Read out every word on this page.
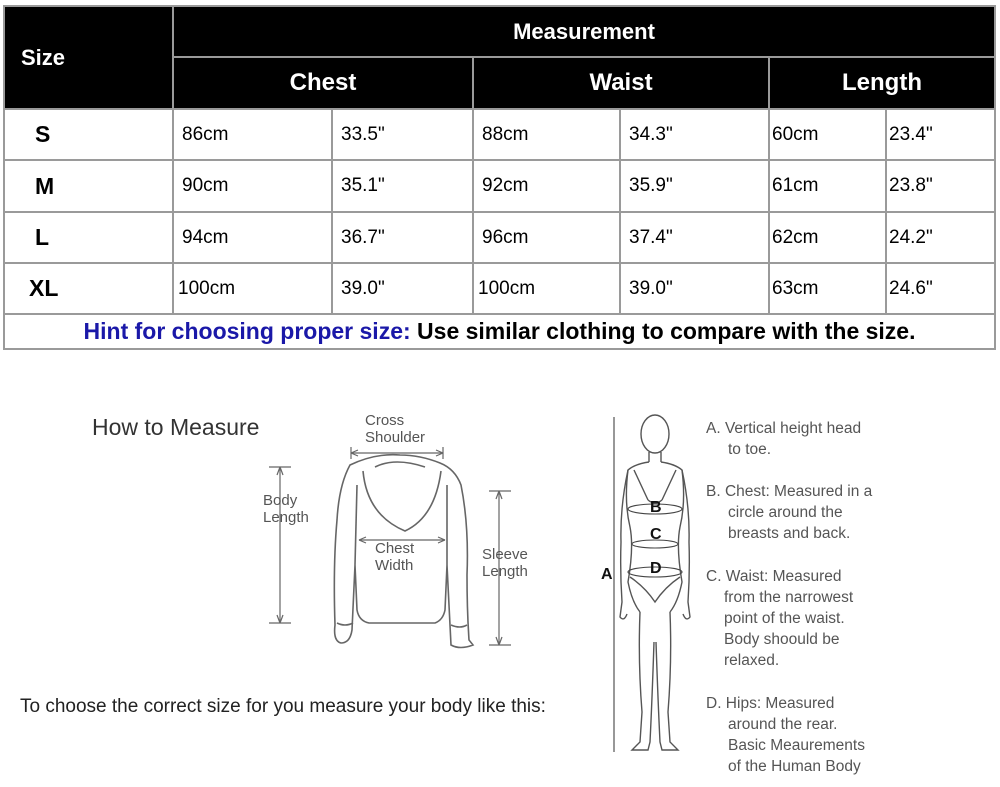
Size	Measurement					
	Chest		Waist		Length	
S	86cm	33.5"	88cm	34.3"	60cm	23.4"
M	90cm	35.1"	92cm	35.9"	61cm	23.8"
L	94cm	36.7"	96cm	37.4"	62cm	24.2"
XL	100cm	39.0"	100cm	39.0"	63cm	24.6"
Hint for choosing proper size: Use similar clothing to compare with the size.						
How to Measure	Cross
Shoulder
Body
Length
Chest
Width
Sleeve
Length	A
B
C
D
A. Vertical height head
to toe.
B. Chest: Measured in a
circle around the
breasts and back.
C. Waist: Measured
from the narrowest
point of the waist.
Body shoould be
relaxed.
D. Hips: Measured
around the rear.
Basic Meaurements
of the Human Body
To choose the correct size for you measure your body like this:
